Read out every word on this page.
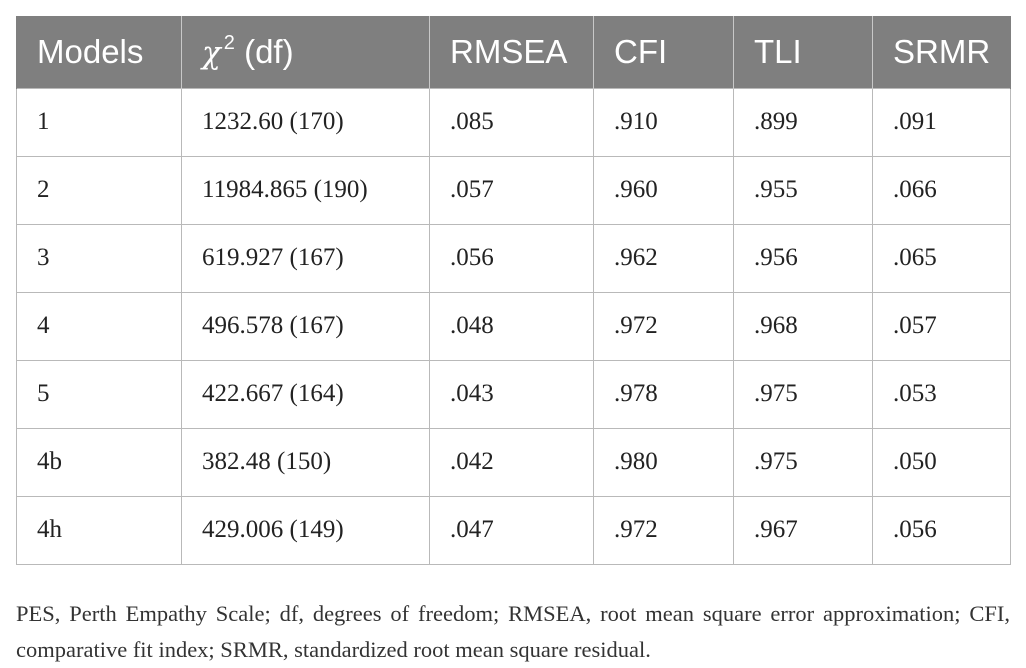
Models	χ $^2$ (df)	RMSEA	CFI	TLI	SRMR
1	1232.60 (170)	.085	.910	.899	.091
2	11984.865 (190)	.057	.960	.955	.066
3	619.927 (167)	.056	.962	.956	.065
4	496.578 (167)	.048	.972	.968	.057
5	422.667 (164)	.043	.978	.975	.053
4b	382.48 (150)	.042	.980	.975	.050
4h	429.006 (149)	.047	.972	.967	.056

PES, Perth Empathy Scale; df, degrees of freedom; RMSEA, root mean square error approximation; CFI, comparative fit index; SRMR, standardized root mean square residual.
